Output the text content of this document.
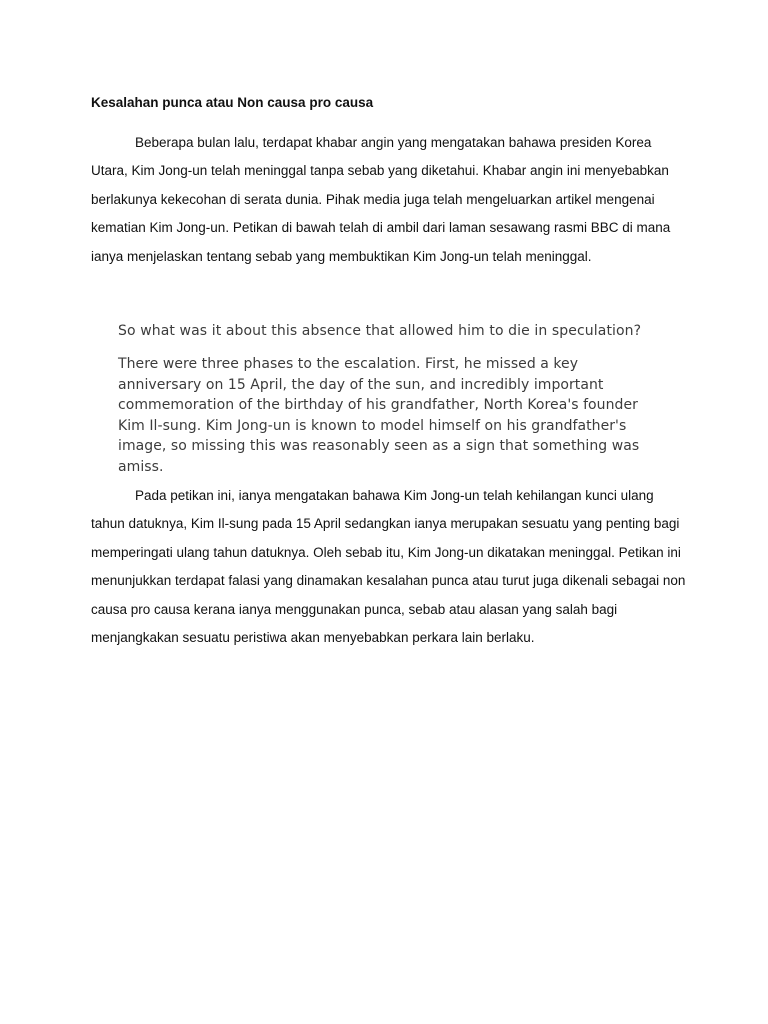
Kesalahan punca atau Non causa pro causa

Beberapa bulan lalu, terdapat khabar angin yang mengatakan bahawa presiden Korea Utara, Kim Jong-un telah meninggal tanpa sebab yang diketahui. Khabar angin ini menyebabkan berlakunya kekecohan di serata dunia. Pihak media juga telah mengeluarkan artikel mengenai kematian Kim Jong-un. Petikan di bawah telah di ambil dari laman sesawang rasmi BBC di mana ianya menjelaskan tentang sebab yang membuktikan Kim Jong-un telah meninggal.

So what was it about this absence that allowed him to die in speculation?

There were three phases to the escalation. First, he missed a key anniversary on 15 April, the day of the sun, and incredibly important commemoration of the birthday of his grandfather, North Korea's founder Kim Il-sung. Kim Jong-un is known to model himself on his grandfather's image, so missing this was reasonably seen as a sign that something was amiss.

Pada petikan ini, ianya mengatakan bahawa Kim Jong-un telah kehilangan kunci ulang tahun datuknya, Kim Il-sung pada 15 April sedangkan ianya merupakan sesuatu yang penting bagi memperingati ulang tahun datuknya. Oleh sebab itu, Kim Jong-un dikatakan meninggal. Petikan ini menunjukkan terdapat falasi yang dinamakan kesalahan punca atau turut juga dikenali sebagai non causa pro causa kerana ianya menggunakan punca, sebab atau alasan yang salah bagi menjangkakan sesuatu peristiwa akan menyebabkan perkara lain berlaku.
